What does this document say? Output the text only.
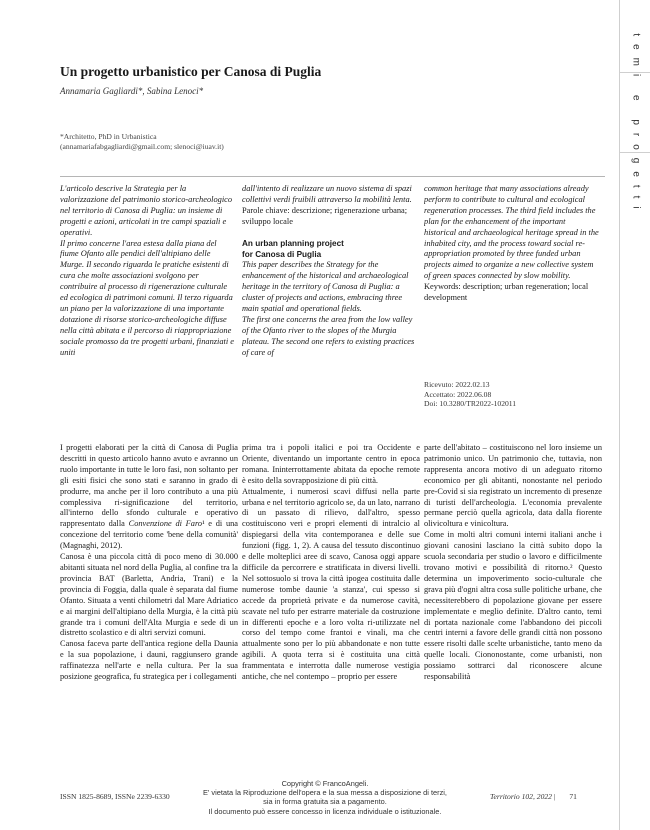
temi e progetti
Un progetto urbanistico per Canosa di Puglia
Annamaria Gagliardi*, Sabina Lenoci*
*Architetto, PhD in Urbanistica
(annamariafabgagliardi@gmail.com; slenoci@iuav.it)

L'articolo descrive la Strategia per la valorizzazione del patrimonio storico-archeologico nel territorio di Canosa di Puglia: un insieme di progetti e azioni, articolati in tre campi spaziali e operativi.

Il primo concerne l'area estesa dalla piana del fiume Ofanto alle pendici dell'altipiano delle Murge. Il secondo riguarda le pratiche esistenti di cura che molte associazioni svolgono per contribuire al processo di rigenerazione culturale ed ecologica di patrimoni comuni. Il terzo riguarda un piano per la valorizzazione di una importante dotazione di risorse storico-archeologiche diffuse nella città abitata e il percorso di riappropriazione sociale promosso da tre progetti urbani, finanziati e uniti

dall'intento di realizzare un nuovo sistema di spazi collettivi verdi fruibili attraverso la mobilità lenta.

Parole chiave: descrizione; rigenerazione urbana; sviluppo locale

An urban planning project

for Canosa di Puglia

This paper describes the Strategy for the enhancement of the historical and archaeological heritage in the territory of Canosa di Puglia: a cluster of projects and actions, embracing three main spatial and operational fields.

The first one concerns the area from the low valley of the Ofanto river to the slopes of the Murgia plateau. The second one refers to existing practices of care of

common heritage that many associations already perform to contribute to cultural and ecological regeneration processes. The third field includes the plan for the enhancement of the important historical and archaeological heritage spread in the inhabited city, and the process toward social re-appropriation promoted by three funded urban projects aimed to organize a new collective system of green spaces connected by slow mobility.

Keywords: description; urban regeneration; local development

Ricevuto: 2022.02.13
Accettato: 2022.06.08
Doi: 10.3280/TR2022-102011

I progetti elaborati per la città di Canosa di Puglia descritti in questo articolo hanno avuto e avranno un ruolo importante in tutte le loro fasi, non soltanto per gli esiti fisici che sono stati e saranno in grado di produrre, ma anche per il loro contributo a una più complessiva ri-significazione del territorio, all'interno dello sfondo culturale e operativo rappresentato dalla Convenzione di Faro¹ e di una concezione del territorio come 'bene della comunità' (Magnaghi, 2012).

Canosa è una piccola città di poco meno di 30.000 abitanti situata nel nord della Puglia, al confine tra la provincia BAT (Barletta, Andria, Trani) e la provincia di Foggia, dalla quale è separata dal fiume Ofanto. Situata a venti chilometri dal Mare Adriatico e ai margini dell'altipiano della Murgia, è la città più grande tra i comuni dell'Alta Murgia e sede di un distretto scolastico e di altri servizi comuni.

Canosa faceva parte dell'antica regione della Daunia e la sua popolazione, i dauni, raggiunsero grande raffinatezza nell'arte e nella cultura. Per la sua posizione geografica, fu strategica per i collegamenti

prima tra i popoli italici e poi tra Occidente e Oriente, diventando un importante centro in epoca romana. Ininterrottamente abitata da epoche remote è esito della sovrapposizione di più città.

Attualmente, i numerosi scavi diffusi nella parte urbana e nel territorio agricolo se, da un lato, narrano di un passato di rilievo, dall'altro, spesso costituiscono veri e propri elementi di intralcio al dispiegarsi della vita contemporanea e delle sue funzioni (figg. 1, 2). A causa del tessuto discontinuo e delle molteplici aree di scavo, Canosa oggi appare difficile da percorrere e stratificata in diversi livelli. Nel sottosuolo si trova la città ipogea costituita dalle numerose tombe daunie 'a stanza', cui spesso si accede da proprietà private e da numerose cavità, scavate nel tufo per estrarre materiale da costruzione in differenti epoche e a loro volta ri-utilizzate nel corso del tempo come frantoi e vinali, ma che attualmente sono per lo più abbandonate e non tutte agibili. A quota terra si è costituita una città frammentata e interrotta dalle numerose vestigia antiche, che nel contempo – proprio per essere

parte dell'abitato – costituiscono nel loro insieme un patrimonio unico. Un patrimonio che, tuttavia, non rappresenta ancora motivo di un adeguato ritorno economico per gli abitanti, nonostante nel periodo pre-Covid si sia registrato un incremento di presenze di turisti dell'archeologia. L'economia prevalente permane perciò quella agricola, data dalla fiorente olivicoltura e vinicoltura.

Come in molti altri comuni interni italiani anche i giovani canosini lasciano la città subito dopo la scuola secondaria per studio o lavoro e difficilmente trovano motivi e possibilità di ritorno.² Questo determina un impoverimento socio-culturale che grava più d'ogni altra cosa sulle politiche urbane, che necessiterebbero di popolazione giovane per essere implementate e meglio definite. D'altro canto, temi di portata nazionale come l'abbandono dei piccoli centri interni a favore delle grandi città non possono essere risolti dalle scelte urbanistiche, tanto meno da quelle locali. Ciononostante, come urbanisti, non possiamo sottrarci dal riconoscere alcune responsabilità

ISSN 1825-8689, ISSNe 2239-6330
Copyright © FrancoAngeli.
E' vietata la Riproduzione dell'opera e la sua messa a disposizione di terzi,
sia in forma gratuita sia a pagamento.
Il documento può essere concesso in licenza individuale o istituzionale.
Territorio 102, 2022 | 71
